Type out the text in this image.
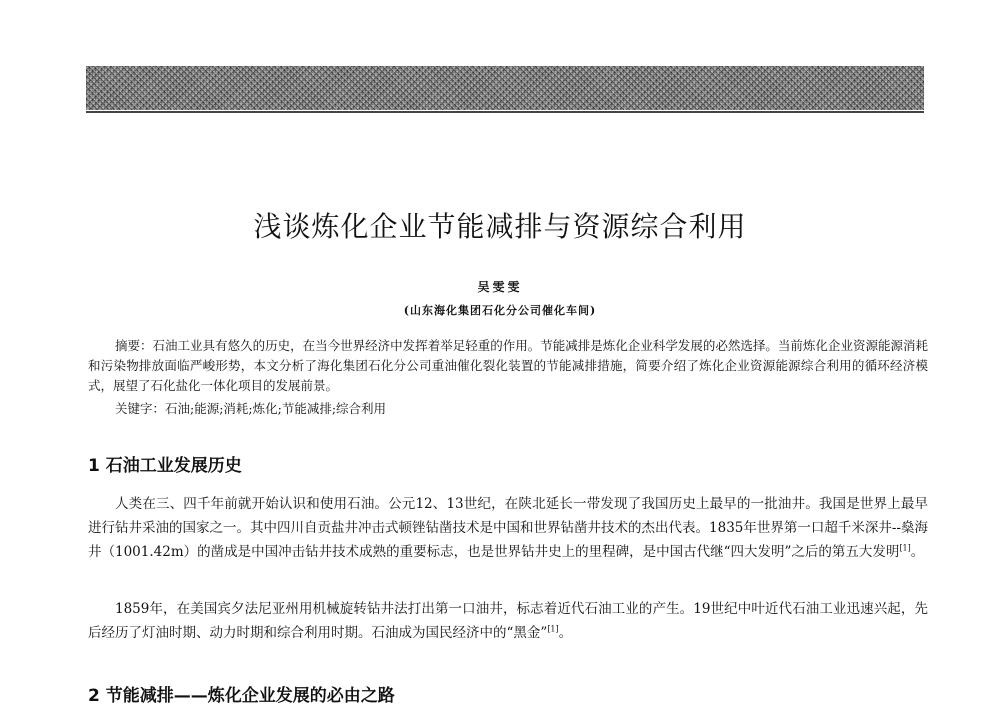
浅谈炼化企业节能减排与资源综合利用
吴雯雯
(山东海化集团石化分公司催化车间)

摘要：石油工业具有悠久的历史，在当今世界经济中发挥着举足轻重的作用。节能减排是炼化企业科学发展的必然选择。当前炼化企业资源能源消耗和污染物排放面临严峻形势，本文分析了海化集团石化分公司重油催化裂化装置的节能减排措施，简要介绍了炼化企业资源能源综合利用的循环经济模式，展望了石化盐化一体化项目的发展前景。

关键字：石油;能源;消耗;炼化;节能减排;综合利用
1 石油工业发展历史

人类在三、四千年前就开始认识和使用石油。公元12、13世纪，在陕北延长一带发现了我国历史上最早的一批油井。我国是世界上最早进行钻井采油的国家之一。其中四川自贡盐井冲击式顿锉钻凿技术是中国和世界钻凿井技术的杰出代表。1835年世界第一口超千米深井--燊海井（1001.42m）的凿成是中国冲击钻井技术成熟的重要标志，也是世界钻井史上的里程碑，是中国古代继“四大发明”之后的第五大发明[1]。

1859年，在美国宾夕法尼亚州用机械旋转钻井法打出第一口油井，标志着近代石油工业的产生。19世纪中叶近代石油工业迅速兴起，先后经历了灯油时期、动力时期和综合利用时期。石油成为国民经济中的“黑金”[1]。

2 节能减排——炼化企业发展的必由之路
